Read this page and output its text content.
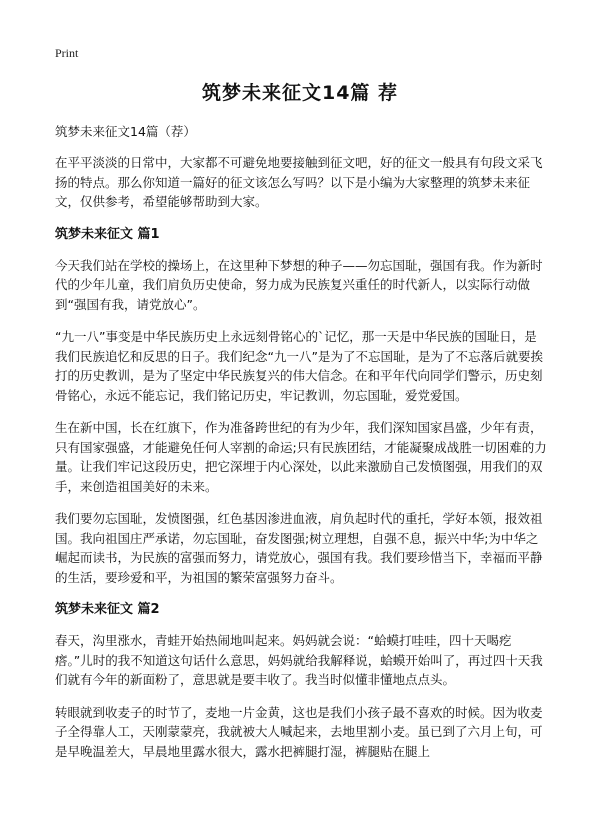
Print
筑梦未来征文14篇 荐

筑梦未来征文14篇（荐）

在平平淡淡的日常中，大家都不可避免地要接触到征文吧，好的征文一般具有句段文采飞扬的特点。那么你知道一篇好的征文该怎么写吗？以下是小编为大家整理的筑梦未来征文，仅供参考，希望能够帮助到大家。

筑梦未来征文 篇1

今天我们站在学校的操场上，在这里种下梦想的种子——勿忘国耻，强国有我。作为新时代的少年儿童，我们肩负历史使命，努力成为民族复兴重任的时代新人，以实际行动做到“强国有我，请党放心”。

“九一八”事变是中华民族历史上永远刻骨铭心的`记忆，那一天是中华民族的国耻日，是我们民族追忆和反思的日子。我们纪念“九一八”是为了不忘国耻，是为了不忘落后就要挨打的历史教训，是为了坚定中华民族复兴的伟大信念。在和平年代向同学们警示，历史刻骨铭心，永远不能忘记，我们铭记历史，牢记教训，勿忘国耻，爱党爱国。

生在新中国，长在红旗下，作为准备跨世纪的有为少年，我们深知国家昌盛，少年有责，只有国家强盛，才能避免任何人宰割的命运;只有民族团结，才能凝聚成战胜一切困难的力量。让我们牢记这段历史，把它深埋于内心深处，以此来激励自己发愤图强，用我们的双手，来创造祖国美好的未来。

我们要勿忘国耻，发愤图强，红色基因渗进血液，肩负起时代的重托，学好本领，报效祖国。我向祖国庄严承诺，勿忘国耻，奋发图强;树立理想，自强不息，振兴中华;为中华之崛起而读书，为民族的富强而努力，请党放心，强国有我。我们要珍惜当下，幸福而平静的生活，要珍爱和平，为祖国的繁荣富强努力奋斗。

筑梦未来征文 篇2

春天，沟里涨水，青蛙开始热闹地叫起来。妈妈就会说：“蛤蟆打哇哇，四十天喝疙瘩。”儿时的我不知道这句话什么意思，妈妈就给我解释说，蛤蟆开始叫了，再过四十天我们就有今年的新面粉了，意思就是要丰收了。我当时似懂非懂地点点头。

转眼就到收麦子的时节了，麦地一片金黄，这也是我们小孩子最不喜欢的时候。因为收麦子全得靠人工，天刚蒙蒙亮，我就被大人喊起来，去地里割小麦。虽已到了六月上旬，可是早晚温差大，早晨地里露水很大，露水把裤腿打湿，裤腿贴在腿上
